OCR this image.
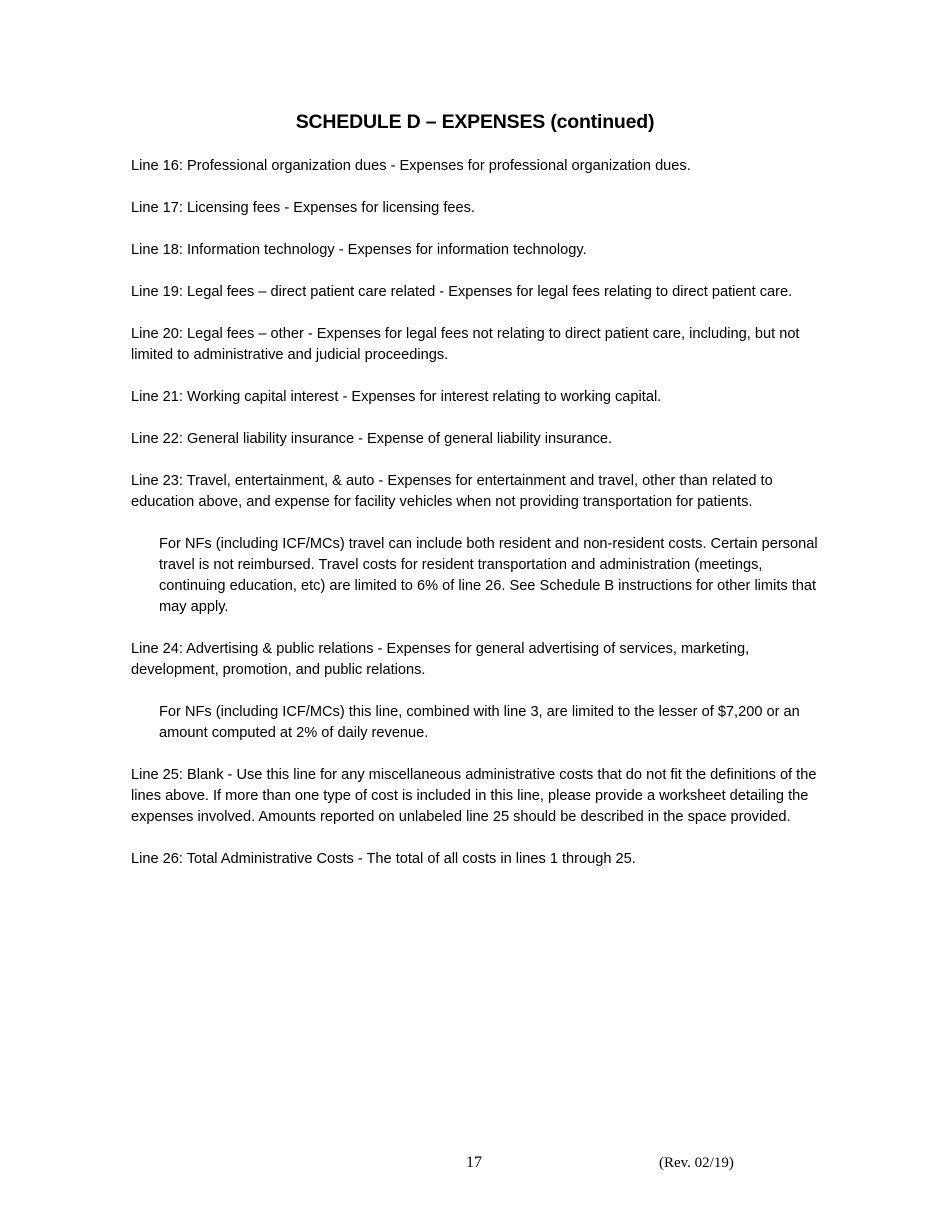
SCHEDULE D – EXPENSES (continued)

Line 16: Professional organization dues - Expenses for professional organization dues.

Line 17: Licensing fees - Expenses for licensing fees.

Line 18: Information technology - Expenses for information technology.

Line 19: Legal fees – direct patient care related - Expenses for legal fees relating to direct patient care.

Line 20: Legal fees – other - Expenses for legal fees not relating to direct patient care, including, but not limited to administrative and judicial proceedings.

Line 21: Working capital interest - Expenses for interest relating to working capital.

Line 22: General liability insurance - Expense of general liability insurance.

Line 23: Travel, entertainment, & auto - Expenses for entertainment and travel, other than related to education above, and expense for facility vehicles when not providing transportation for patients.

For NFs (including ICF/MCs) travel can include both resident and non-resident costs. Certain personal travel is not reimbursed. Travel costs for resident transportation and administration (meetings, continuing education, etc) are limited to 6% of line 26. See Schedule B instructions for other limits that may apply.

Line 24: Advertising & public relations - Expenses for general advertising of services, marketing, development, promotion, and public relations.

For NFs (including ICF/MCs) this line, combined with line 3, are limited to the lesser of $7,200 or an amount computed at 2% of daily revenue.

Line 25: Blank - Use this line for any miscellaneous administrative costs that do not fit the definitions of the lines above. If more than one type of cost is included in this line, please provide a worksheet detailing the expenses involved. Amounts reported on unlabeled line 25 should be described in the space provided.

Line 26: Total Administrative Costs - The total of all costs in lines 1 through 25.

17	(Rev. 02/19)
